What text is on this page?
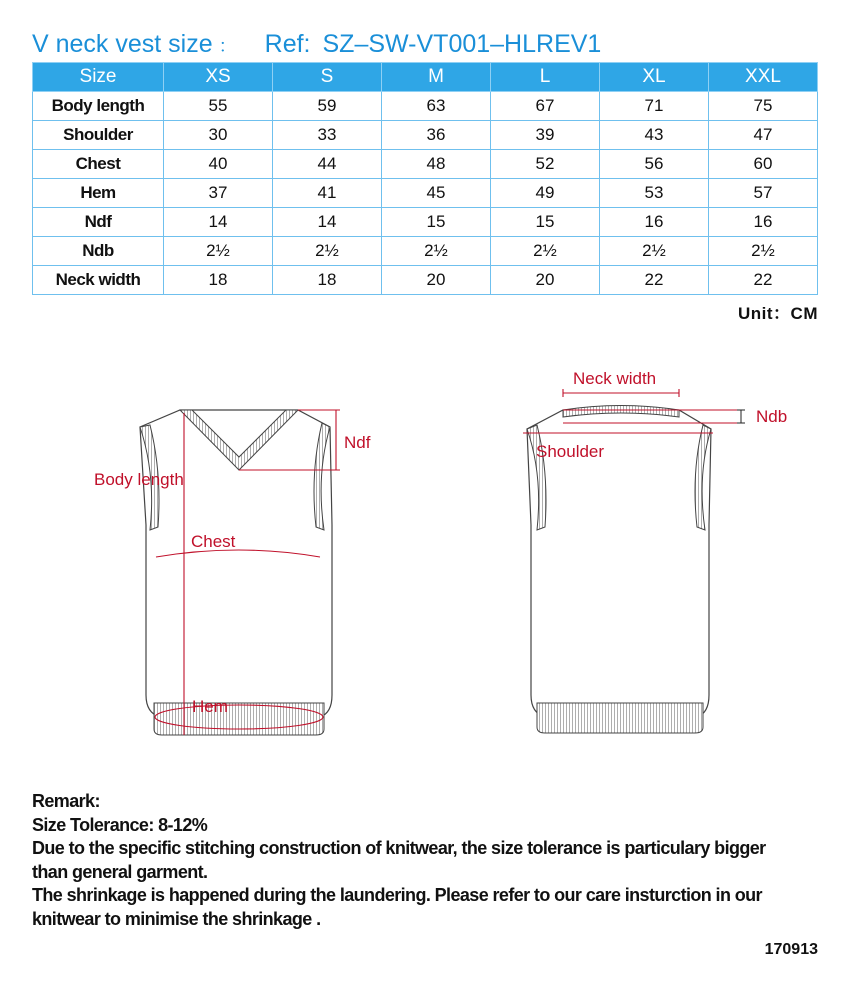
V neck vest size ： Ref: SZ–SW-VT001–HLREV1
Size	XS	S	M	L	XL	XXL
Body length	55	59	63	67	71	75
Shoulder	30	33	36	39	43	47
Chest	40	44	48	52	56	60
Hem	37	41	45	49	53	57
Ndf	14	14	15	15	16	16
Ndb	2½	2½	2½	2½	2½	2½
Neck width	18	18	20	20	22	22
Unit：CM
Body length
Chest
Hem
Ndf
Neck width
Ndb
Shoulder

Remark:

Size Tolerance: 8-12%

Due to the specific stitching construction of knitwear, the size tolerance is particulary bigger than general garment.

The shrinkage is happened during the laundering. Please refer to our care insturction in our knitwear to minimise the shrinkage .

170913
